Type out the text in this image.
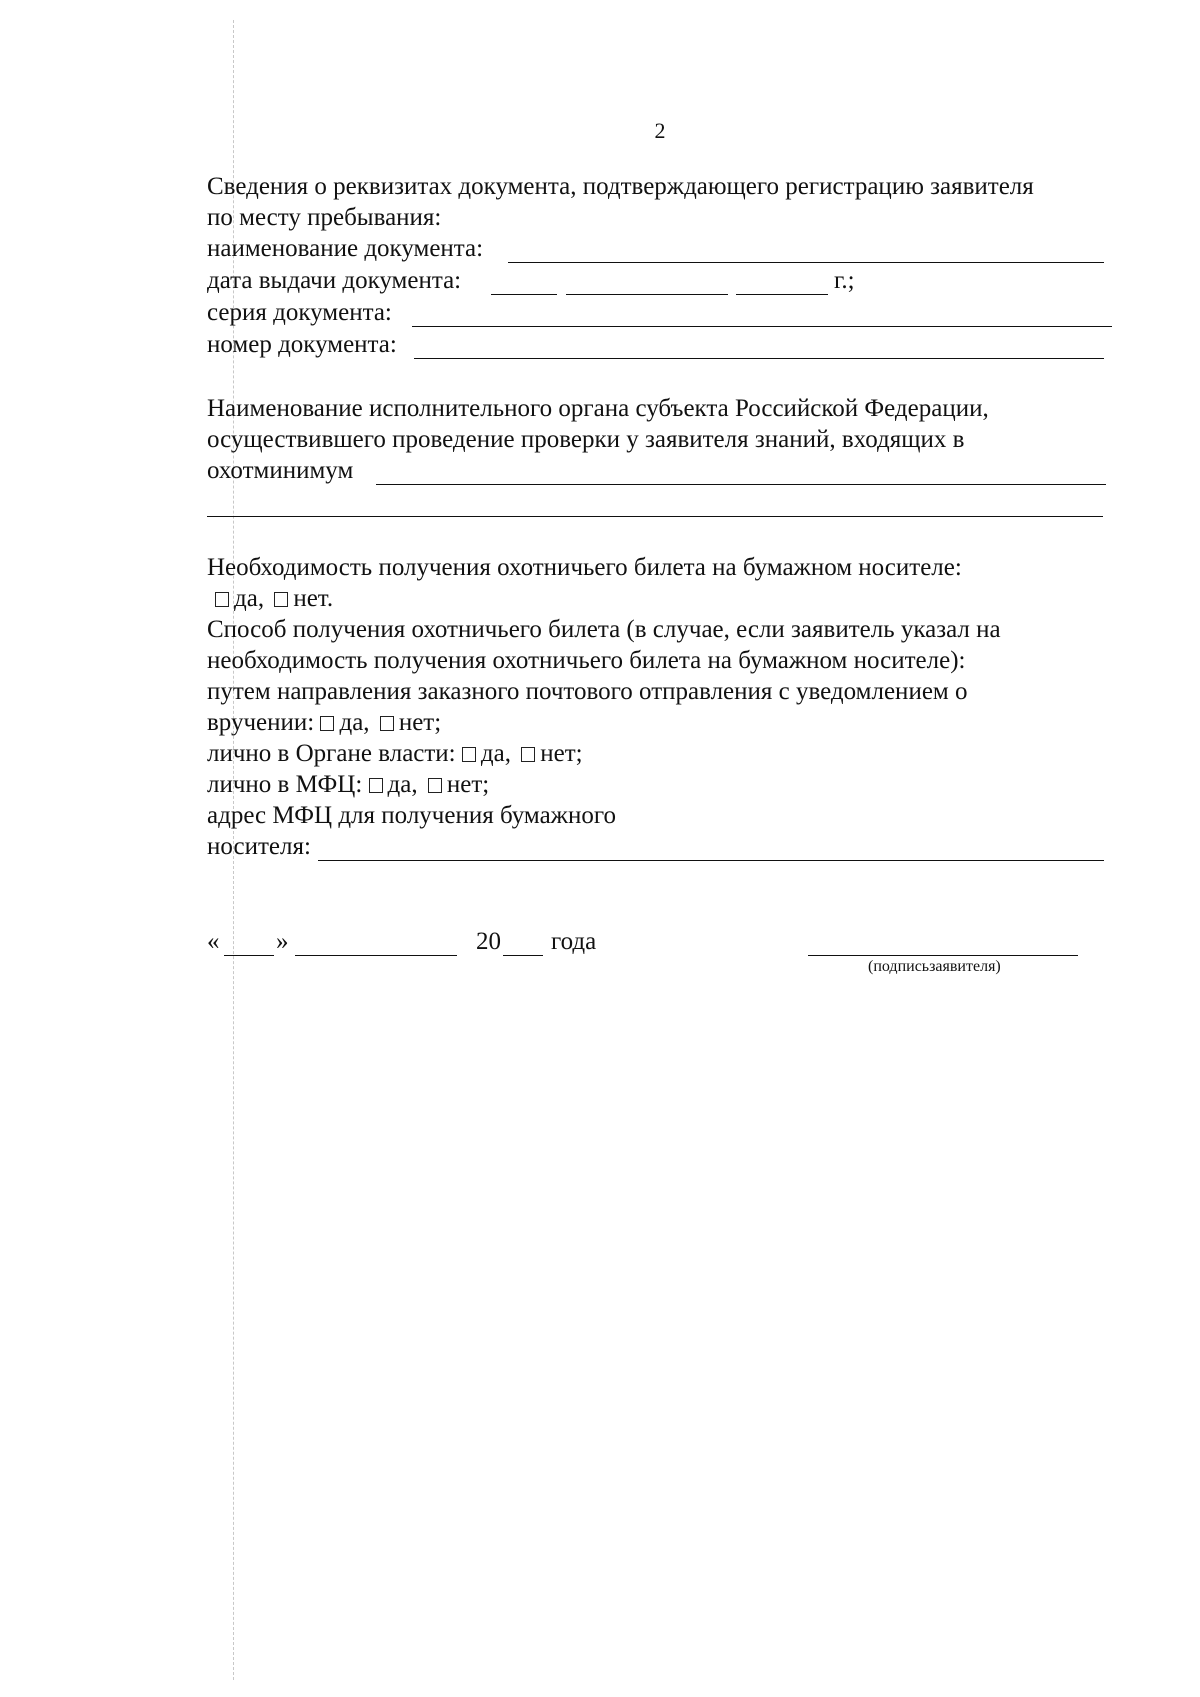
2
Сведения о реквизитах документа, подтверждающего регистрацию заявителя
по месту пребывания:
наименование документа:
дата выдачи документа:	г.;
серия документа:
номер документа:
Наименование исполнительного органа субъекта Российской Федерации,
осуществившего проведение проверки у заявителя знаний, входящих в
охотминимум
Необходимость получения охотничьего билета на бумажном носителе:
да, нет.
Способ получения охотничьего билета (в случае, если заявитель указал на
необходимость получения охотничьего билета на бумажном носителе):
путем направления заказного почтового отправления с уведомлением о
вручении: да, нет;
лично в Органе власти: да, нет;
лично в МФЦ: да, нет;
адрес МФЦ для получения бумажного
носителя:
« »	20 года
(подписьзаявителя)
